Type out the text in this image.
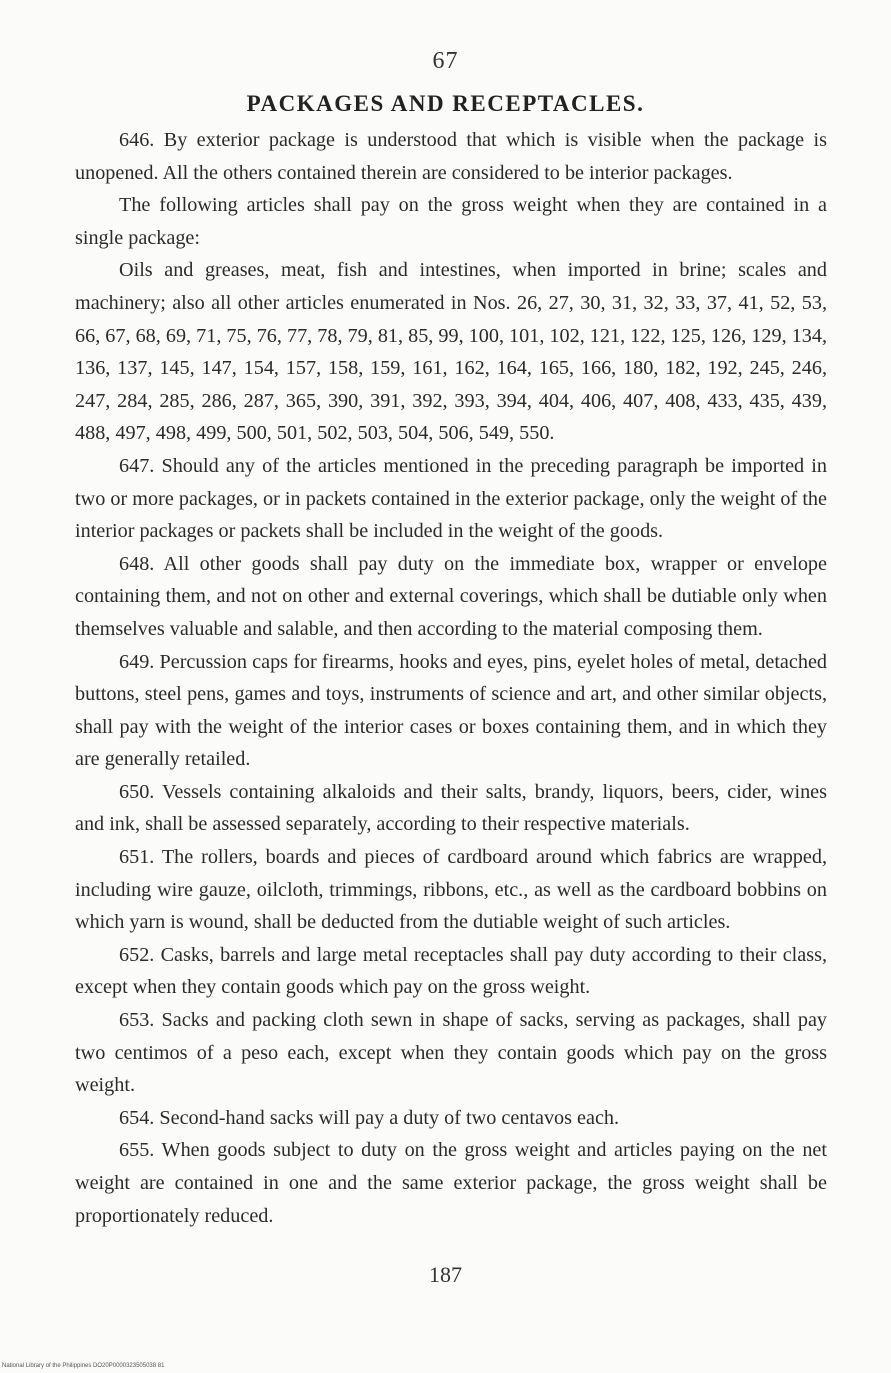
67
PACKAGES AND RECEPTACLES.

646. By exterior package is understood that which is visible when the package is unopened. All the others contained therein are considered to be interior packages.

The following articles shall pay on the gross weight when they are contained in a single package:

Oils and greases, meat, fish and intestines, when imported in brine; scales and machinery; also all other articles enumerated in Nos. 26, 27, 30, 31, 32, 33, 37, 41, 52, 53, 66, 67, 68, 69, 71, 75, 76, 77, 78, 79, 81, 85, 99, 100, 101, 102, 121, 122, 125, 126, 129, 134, 136, 137, 145, 147, 154, 157, 158, 159, 161, 162, 164, 165, 166, 180, 182, 192, 245, 246, 247, 284, 285, 286, 287, 365, 390, 391, 392, 393, 394, 404, 406, 407, 408, 433, 435, 439, 488, 497, 498, 499, 500, 501, 502, 503, 504, 506, 549, 550.

647. Should any of the articles mentioned in the preceding paragraph be imported in two or more packages, or in packets contained in the exterior package, only the weight of the interior packages or packets shall be included in the weight of the goods.

648. All other goods shall pay duty on the immediate box, wrapper or envelope containing them, and not on other and external coverings, which shall be dutiable only when themselves valuable and salable, and then according to the material composing them.

649. Percussion caps for firearms, hooks and eyes, pins, eyelet holes of metal, detached buttons, steel pens, games and toys, instruments of science and art, and other similar objects, shall pay with the weight of the interior cases or boxes containing them, and in which they are generally retailed.

650. Vessels containing alkaloids and their salts, brandy, liquors, beers, cider, wines and ink, shall be assessed separately, according to their respective materials.

651. The rollers, boards and pieces of cardboard around which fabrics are wrapped, including wire gauze, oilcloth, trimmings, ribbons, etc., as well as the cardboard bobbins on which yarn is wound, shall be deducted from the dutiable weight of such articles.

652. Casks, barrels and large metal receptacles shall pay duty according to their class, except when they contain goods which pay on the gross weight.

653. Sacks and packing cloth sewn in shape of sacks, serving as packages, shall pay two centimos of a peso each, except when they contain goods which pay on the gross weight.

654. Second-hand sacks will pay a duty of two centavos each.

655. When goods subject to duty on the gross weight and articles paying on the net weight are contained in one and the same exterior package, the gross weight shall be proportionately reduced.

187
National Library of the Philippines DO20P0000323505038 81
